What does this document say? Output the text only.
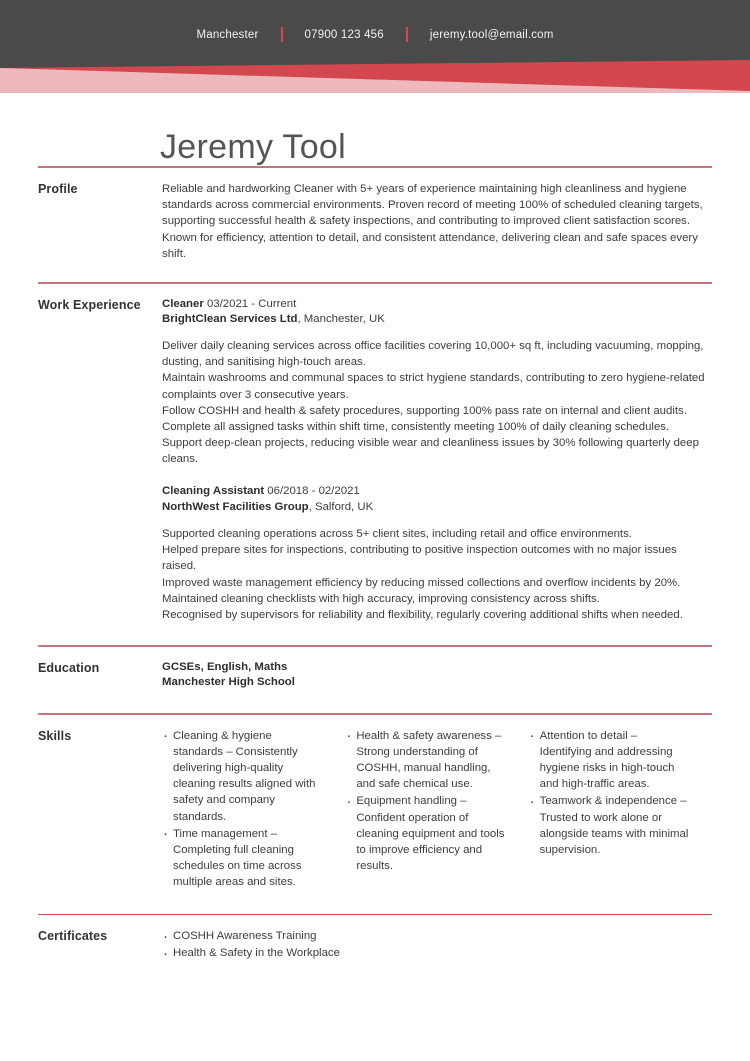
Manchester	07900 123 456	jeremy.tool@email.com
Jeremy Tool
Profile	Reliable and hardworking Cleaner with 5+ years of experience maintaining high cleanliness and hygiene standards across commercial environments. Proven record of meeting 100% of scheduled cleaning targets, supporting successful health & safety inspections, and contributing to improved client satisfaction scores. Known for efficiency, attention to detail, and consistent attendance, delivering clean and safe spaces every shift.

Work Experience	Cleaner 03/2021 - Current
BrightClean Services Ltd, Manchester, UK

Deliver daily cleaning services across office facilities covering 10,000+ sq ft, including vacuuming, mopping, dusting, and sanitising high-touch areas.

Maintain washrooms and communal spaces to strict hygiene standards, contributing to zero hygiene-related complaints over 3 consecutive years.

Follow COSHH and health & safety procedures, supporting 100% pass rate on internal and client audits.

Complete all assigned tasks within shift time, consistently meeting 100% of daily cleaning schedules.

Support deep-clean projects, reducing visible wear and cleanliness issues by 30% following quarterly deep cleans.

Cleaning Assistant 06/2018 - 02/2021
NorthWest Facilities Group, Salford, UK

Supported cleaning operations across 5+ client sites, including retail and office environments.

Helped prepare sites for inspections, contributing to positive inspection outcomes with no major issues raised.

Improved waste management efficiency by reducing missed collections and overflow incidents by 20%.

Maintained cleaning checklists with high accuracy, improving consistency across shifts.

Recognised by supervisors for reliability and flexibility, regularly covering additional shifts when needed.

Education	GCSEs, English, Maths
Manchester High School
Skills	· Cleaning & hygiene standards – Consistently delivering high-quality cleaning results aligned with safety and company standards.
· Time management – Completing full cleaning schedules on time across multiple areas and sites.
· Health & safety awareness – Strong understanding of COSHH, manual handling, and safe chemical use.
· Equipment handling – Confident operation of cleaning equipment and tools to improve efficiency and results.
· Attention to detail – Identifying and addressing hygiene risks in high-touch and high-traffic areas.
· Teamwork & independence – Trusted to work alone or alongside teams with minimal supervision.
Certificates	· COSHH Awareness Training
· Health & Safety in the Workplace
